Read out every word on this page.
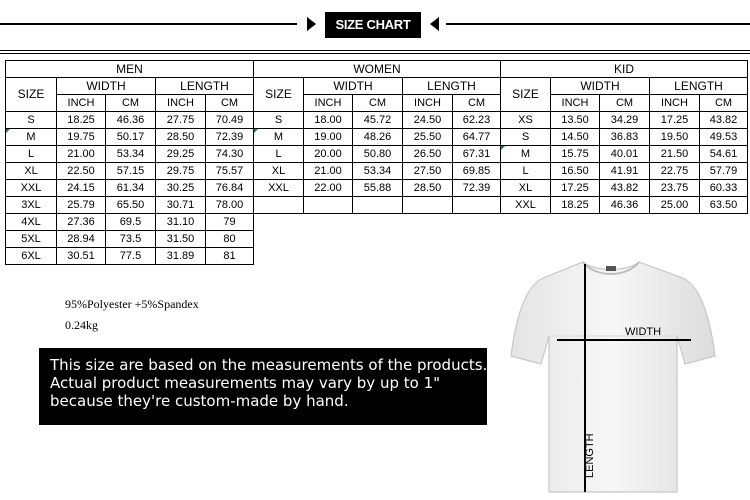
SIZE CHART
MEN				
SIZE	WIDTH		LENGTH	
	INCH	CM	INCH	CM
S	18.25	46.36	27.75	70.49
M	19.75	50.17	28.50	72.39
L	21.00	53.34	29.25	74.30
XL	22.50	57.15	29.75	75.57
XXL	24.15	61.34	30.25	76.84
3XL	25.79	65.50	30.71	78.00
4XL	27.36	69.5	31.10	79
5XL	28.94	73.5	31.50	80
6XL	30.51	77.5	31.89	81
WOMEN				
SIZE	WIDTH		LENGTH	
	INCH	CM	INCH	CM
S	18.00	45.72	24.50	62.23
M	19.00	48.26	25.50	64.77
L	20.00	50.80	26.50	67.31
XL	21.00	53.34	27.50	69.85
XXL	22.00	55.88	28.50	72.39

KID				
SIZE	WIDTH		LENGTH	
	INCH	CM	INCH	CM
XS	13.50	34.29	17.25	43.82
S	14.50	36.83	19.50	49.53
M	15.75	40.01	21.50	54.61
L	16.50	41.91	22.75	57.79
XL	17.25	43.82	23.75	60.33
XXL	18.25	46.36	25.00	63.50
95%Polyester +5%Spandex
0.24kg
This size are based on the measurements of the products.
Actual product measurements may vary by up to 1"
because they're custom-made by hand.
WIDTH
LENGTH
